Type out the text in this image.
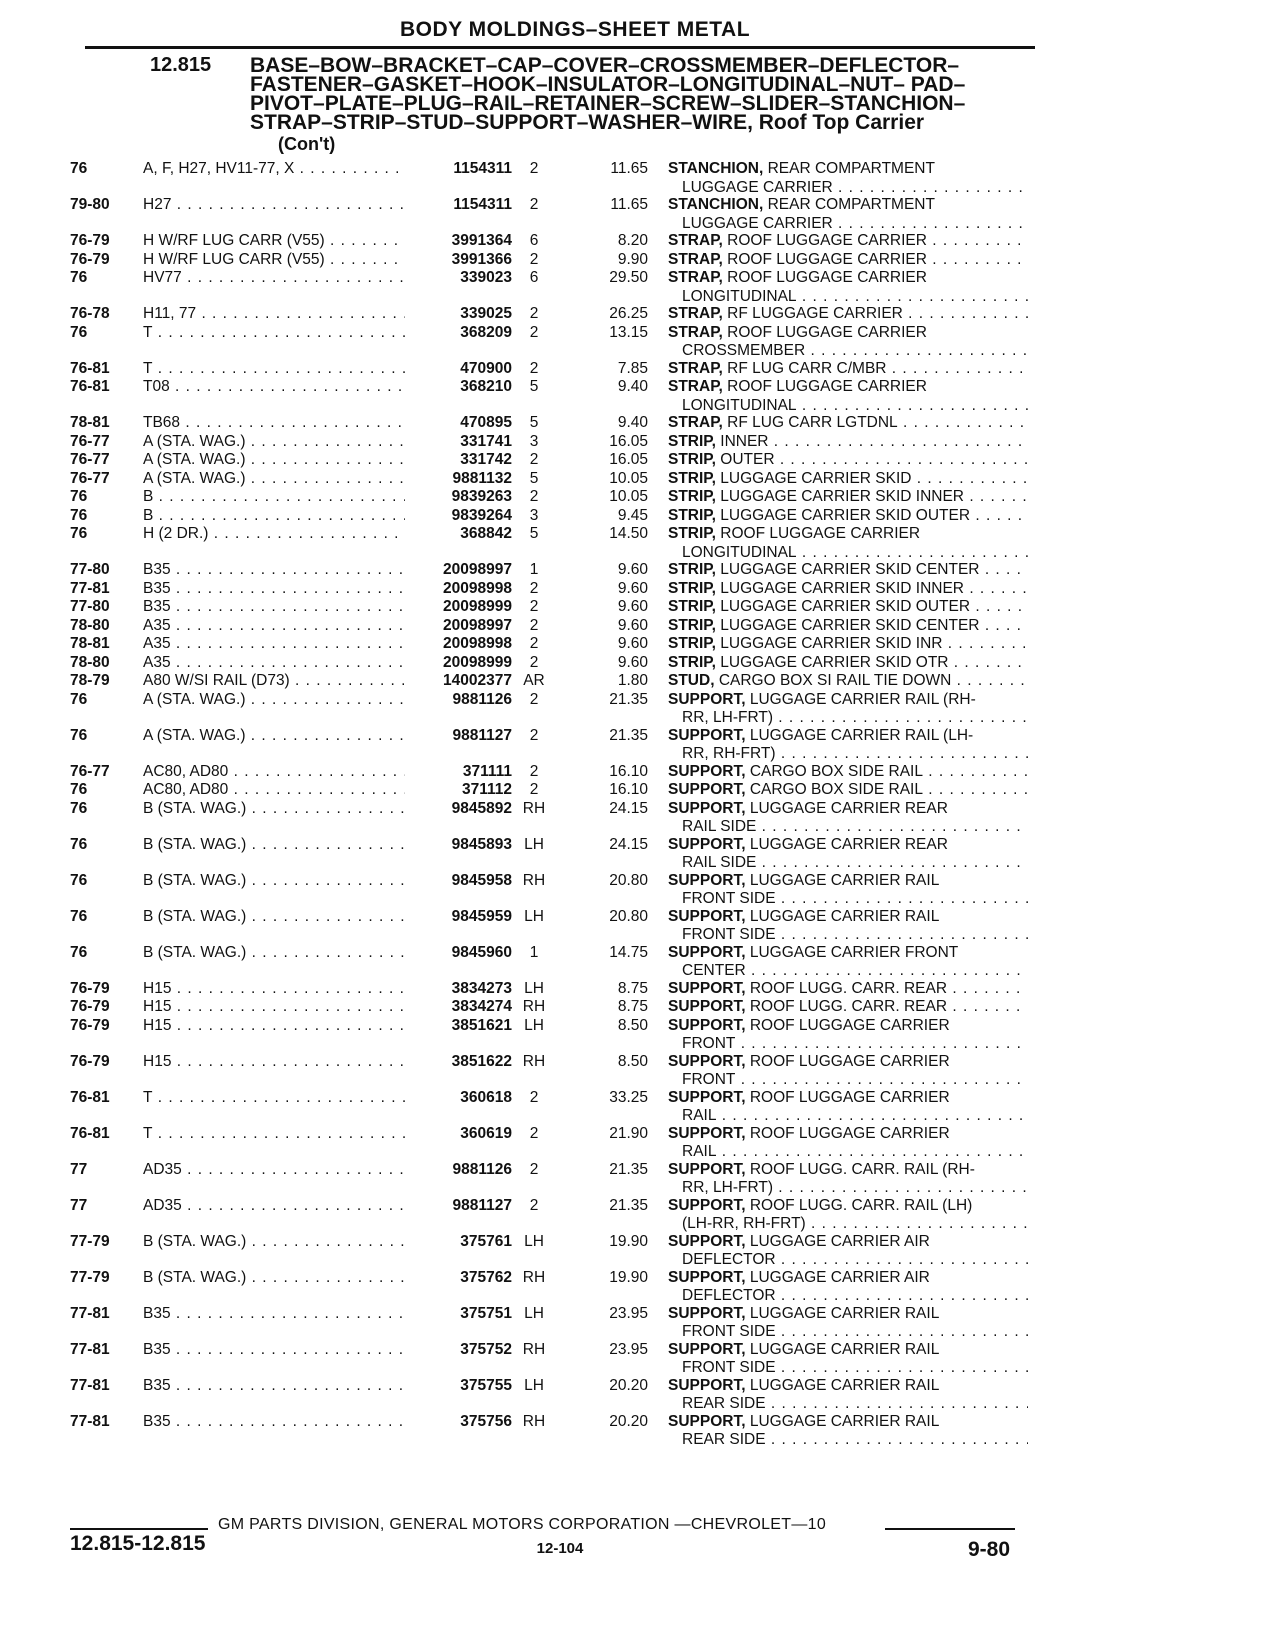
BODY MOLDINGS–SHEET METAL
12.815 BASE–BOW–BRACKET–CAP–COVER–CROSSMEMBER–DEFLECTOR–
FASTENER–GASKET–HOOK–INSULATOR–LONGITUDINAL–NUT– PAD–
PIVOT–PLATE–PLUG–RAIL–RETAINER–SCREW–SLIDER–STANCHION–
STRAP–STRIP–STUD–SUPPORT–WASHER–WIRE, Roof Top Carrier
(Con't)
76	A, F, H27, HV11-77, X . . .	1154311	2	11.65 STANCHION, REAR COMPARTMENT
LUGGAGE CARRIER . . .
79-80	H27 . . .	1154311	2	11.65 STANCHION, REAR COMPARTMENT
LUGGAGE CARRIER . . .
76-79	H W/RF LUG CARR (V55) . . .	3991364	6	8.20 STRAP, ROOF LUGGAGE CARRIER . . .
76-79	H W/RF LUG CARR (V55) . . .	3991366	2	9.90 STRAP, ROOF LUGGAGE CARRIER . . .
76	HV77 . . .	339023	6	29.50 STRAP, ROOF LUGGAGE CARRIER
LONGITUDINAL . . .
76-78	H11, 77 . . .	339025	2	26.25 STRAP, RF LUGGAGE CARRIER . . .
76	T . . .	368209	2	13.15 STRAP, ROOF LUGGAGE CARRIER
CROSSMEMBER . . .
76-81	T . . .	470900	2	7.85 STRAP, RF LUG CARR C/MBR . . .
76-81	T08 . . .	368210	5	9.40 STRAP, ROOF LUGGAGE CARRIER
LONGITUDINAL . . .
78-81	TB68 . . .	470895	5	9.40 STRAP, RF LUG CARR LGTDNL . . .
76-77	A (STA. WAG.) . . .	331741	3	16.05 STRIP, INNER . . .
76-77	A (STA. WAG.) . . .	331742	2	16.05 STRIP, OUTER . . .
76-77	A (STA. WAG.) . . .	9881132	5	10.05 STRIP, LUGGAGE CARRIER SKID . . .
76	B . . .	9839263	2	10.05 STRIP, LUGGAGE CARRIER SKID INNER . . .
76	B . . .	9839264	3	9.45 STRIP, LUGGAGE CARRIER SKID OUTER . . .
76	H (2 DR.) . . .	368842	5	14.50 STRIP, ROOF LUGGAGE CARRIER
LONGITUDINAL . . .
77-80	B35 . . .	20098997	1	9.60 STRIP, LUGGAGE CARRIER SKID CENTER . . .
77-81	B35 . . .	20098998	2	9.60 STRIP, LUGGAGE CARRIER SKID INNER . . .
77-80	B35 . . .	20098999	2	9.60 STRIP, LUGGAGE CARRIER SKID OUTER . . .
78-80	A35 . . .	20098997	2	9.60 STRIP, LUGGAGE CARRIER SKID CENTER . . .
78-81	A35 . . .	20098998	2	9.60 STRIP, LUGGAGE CARRIER SKID INR . . .
78-80	A35 . . .	20098999	2	9.60 STRIP, LUGGAGE CARRIER SKID OTR . . .
78-79	A80 W/SI RAIL (D73) . . .	14002377 AR	1.80 STUD, CARGO BOX SI RAIL TIE DOWN . . .
76	A (STA. WAG.) . . .	9881126	2	21.35 SUPPORT, LUGGAGE CARRIER RAIL (RH-
RR, LH-FRT) . . .
76	A (STA. WAG.) . . .	9881127	2	21.35 SUPPORT, LUGGAGE CARRIER RAIL (LH-
RR, RH-FRT) . . .
76-77	AC80, AD80 . . .	371111	2	16.10 SUPPORT, CARGO BOX SIDE RAIL . . .
76	AC80, AD80 . . .	371112	2	16.10 SUPPORT, CARGO BOX SIDE RAIL . . .
76	B (STA. WAG.) . . .	9845892 RH	24.15 SUPPORT, LUGGAGE CARRIER REAR
RAIL SIDE . . .
76	B (STA. WAG.) . . .	9845893 LH	24.15 SUPPORT, LUGGAGE CARRIER REAR
RAIL SIDE . . .
76	B (STA. WAG.) . . .	9845958 RH	20.80 SUPPORT, LUGGAGE CARRIER RAIL
FRONT SIDE . . .
76	B (STA. WAG.) . . .	9845959 LH	20.80 SUPPORT, LUGGAGE CARRIER RAIL
FRONT SIDE . . .
76	B (STA. WAG.) . . .	9845960	1	14.75 SUPPORT, LUGGAGE CARRIER FRONT
CENTER . . .
76-79	H15 . . .	3834273 LH	8.75 SUPPORT, ROOF LUGG. CARR. REAR . . .
76-79	H15 . . .	3834274 RH	8.75 SUPPORT, ROOF LUGG. CARR. REAR . . .
76-79	H15 . . .	3851621 LH	8.50 SUPPORT, ROOF LUGGAGE CARRIER
FRONT . . .
76-79	H15 . . .	3851622 RH	8.50 SUPPORT, ROOF LUGGAGE CARRIER
FRONT . . .
76-81	T . . .	360618	2	33.25 SUPPORT, ROOF LUGGAGE CARRIER
RAIL . . .
76-81	T . . .	360619	2	21.90 SUPPORT, ROOF LUGGAGE CARRIER
RAIL . . .
77	AD35 . . .	9881126	2	21.35 SUPPORT, ROOF LUGG. CARR. RAIL (RH-
RR, LH-FRT) . . .
77	AD35 . . .	9881127	2	21.35 SUPPORT, ROOF LUGG. CARR. RAIL (LH)
(LH-RR, RH-FRT) . . .
77-79	B (STA. WAG.) . . .	375761 LH	19.90 SUPPORT, LUGGAGE CARRIER AIR
DEFLECTOR . . .
77-79	B (STA. WAG.) . . .	375762 RH	19.90 SUPPORT, LUGGAGE CARRIER AIR
DEFLECTOR . . .
77-81	B35 . . .	375751 LH	23.95 SUPPORT, LUGGAGE CARRIER RAIL
FRONT SIDE . . .
77-81	B35 . . .	375752 RH	23.95 SUPPORT, LUGGAGE CARRIER RAIL
FRONT SIDE . . .
77-81	B35 . . .	375755 LH	20.20 SUPPORT, LUGGAGE CARRIER RAIL
REAR SIDE . . .
77-81	B35 . . .	375756 RH	20.20 SUPPORT, LUGGAGE CARRIER RAIL
REAR SIDE . . .
GM PARTS DIVISION, GENERAL MOTORS CORPORATION —CHEVROLET—10
12.815-12.815	12-104	9-80
